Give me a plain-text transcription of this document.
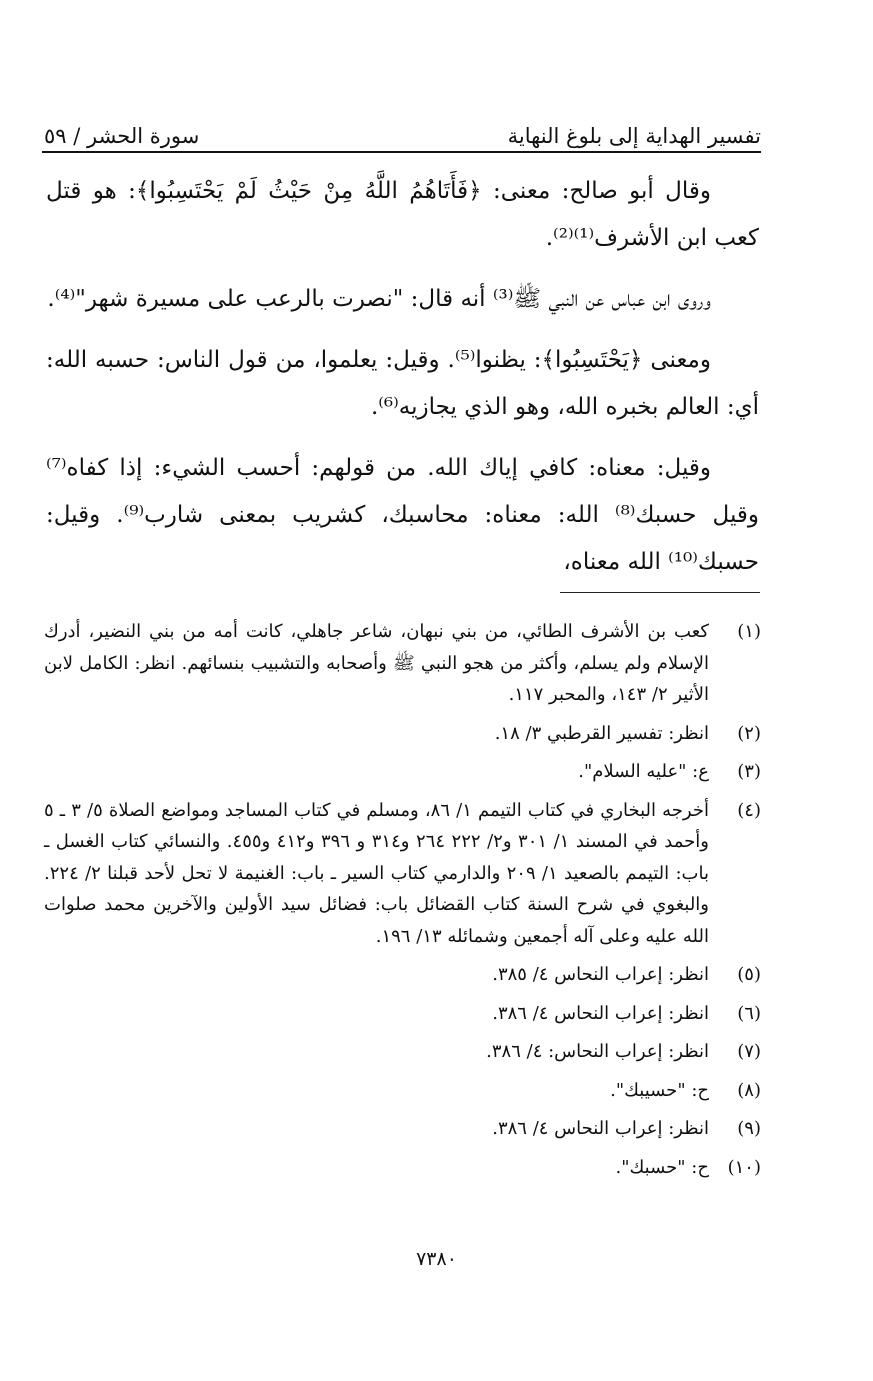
تفسير الهداية إلى بلوغ النهاية
سورة الحشر / ٥٩

وقال أبو صالح: معنى: ﴿فَأَتَاهُمُ اللَّهُ مِنْ حَيْثُ لَمْ يَحْتَسِبُوا﴾: هو قتل كعب ابن الأشرف⁽¹⁾⁽²⁾.

وروى ابن عباس عن النبي ﷺ⁽³⁾ أنه قال: "نصرت بالرعب على مسيرة شهر"⁽⁴⁾.

ومعنى ﴿يَحْتَسِبُوا﴾: يظنوا⁽⁵⁾. وقيل: يعلموا، من قول الناس: حسبه الله: أي: العالم بخبره الله، وهو الذي يجازيه⁽⁶⁾.

وقيل: معناه: كافي إياك الله. من قولهم: أحسب الشيء: إذا كفاه⁽⁷⁾ وقيل حسبك⁽⁸⁾ الله: معناه: محاسبك، كشريب بمعنى شارب⁽⁹⁾. وقيل: حسبك⁽¹⁰⁾ الله معناه،

(١)
كعب بن الأشرف الطائي، من بني نبهان، شاعر جاهلي، كانت أمه من بني النضير، أدرك الإسلام ولم يسلم، وأكثر من هجو النبي ﷺ وأصحابه والتشبيب بنسائهم. انظر: الكامل لابن الأثير ٢/ ١٤٣، والمحبر ١١٧.
(٢)
انظر: تفسير القرطبي ٣/ ١٨.
(٣)
ع: "عليه السلام".
(٤)
أخرجه البخاري في كتاب التيمم ١/ ٨٦، ومسلم في كتاب المساجد ومواضع الصلاة ٥/ ٣ ـ ٥ وأحمد في المسند ١/ ٣٠١ و٢/ ٢٢٢ ٢٦٤ و٣١٤ و ٣٩٦ و٤١٢ و٤٥٥. والنسائي كتاب الغسل ـ باب: التيمم بالصعيد ١/ ٢٠٩ والدارمي كتاب السير ـ باب: الغنيمة لا تحل لأحد قبلنا ٢/ ٢٢٤. والبغوي في شرح السنة كتاب القضائل باب: فضائل سيد الأولين والآخرين محمد صلوات الله عليه وعلى آله أجمعين وشمائله ١٣/ ١٩٦.
(٥)
انظر: إعراب النحاس ٤/ ٣٨٥.
(٦)
انظر: إعراب النحاس ٤/ ٣٨٦.
(٧)
انظر: إعراب النحاس: ٤/ ٣٨٦.
(٨)
ح: "حسيبك".
(٩)
انظر: إعراب النحاس ٤/ ٣٨٦.
(١٠)
ح: "حسبك".
٧٣٨٠
